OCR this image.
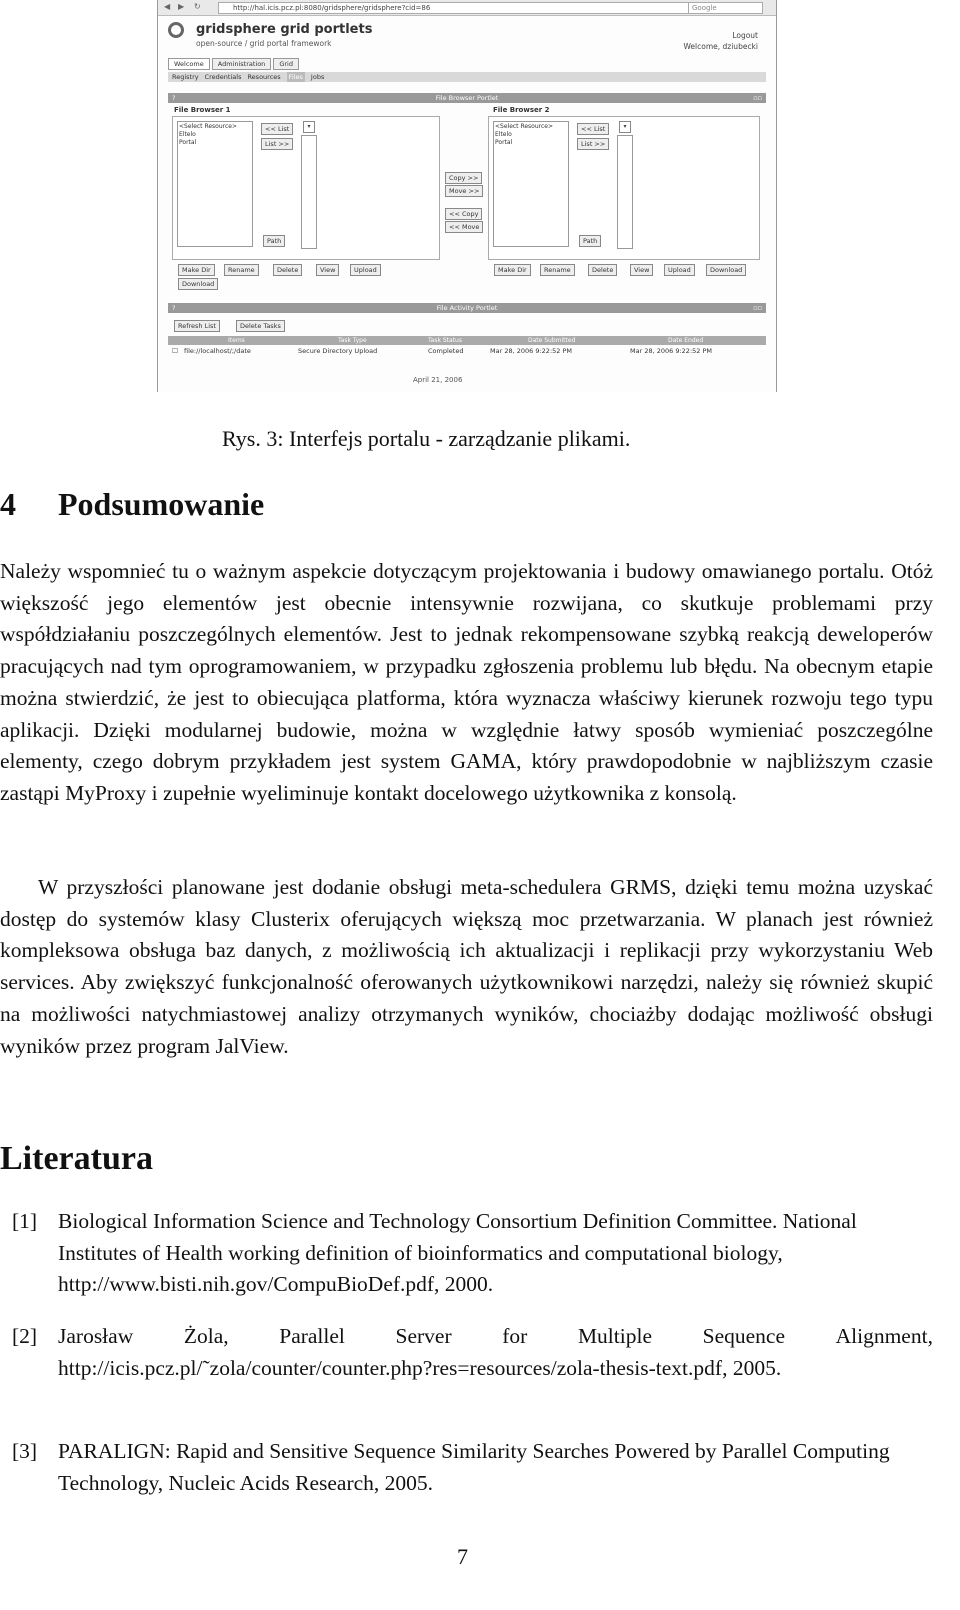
◀ ▶ ↻	http://hal.icis.pcz.pl:8080/gridsphere/gridsphere?cid=86	Google
gridsphere grid portlets
open-source / grid portal framework
Logout
Welcome, dziubecki
Welcome	Administration	Grid
Registry Credentials Resources	Files	Jobs
?	File Browser Portlet	▫▫
File Browser 1
<Select Resource>
Eltelo
Portal
<< List	▾
List >>
Path
Make Dir	Rename	Delete	View	Upload
Download
Copy >>
Move >>
<< Copy
<< Move
File Browser 2
<Select Resource>
Eltelo
Portal
<< List	▾
List >>
Path
Make Dir	Rename	Delete	View	Upload	Download
?	File Activity Portlet	▫▫
Refresh List	Delete Tasks
Items	Task Type	Task Status	Date Submitted	Date Ended
☐ file://localhost/;/date	Secure Directory Upload	Completed	Mar 28, 2006 9:22:52 PM	Mar 28, 2006 9:22:52 PM
April 21, 2006
Rys. 3: Interfejs portalu - zarządzanie plikami.
4 Podsumowanie
Należy wspomnieć tu o ważnym aspekcie dotyczącym projektowania i budowy omawianego portalu. Otóż większość jego elementów jest obecnie intensywnie rozwijana, co skutkuje problemami przy współdziałaniu poszczególnych elementów. Jest to jednak rekompensowane szybką reakcją deweloperów pracujących nad tym oprogramowaniem, w przypadku zgłoszenia problemu lub błędu. Na obecnym etapie można stwierdzić, że jest to obiecująca platforma, która wyznacza właściwy kierunek rozwoju tego typu aplikacji. Dzięki modularnej budowie, można w względnie łatwy sposób wymieniać poszczególne elementy, czego dobrym przykładem jest system GAMA, który prawdopodobnie w najbliższym czasie zastąpi MyProxy i zupełnie wyeliminuje kontakt docelowego użytkownika z konsolą.
W przyszłości planowane jest dodanie obsługi meta-schedulera GRMS, dzięki temu można uzyskać dostęp do systemów klasy Clusterix oferujących większą moc przetwarzania. W planach jest również kompleksowa obsługa baz danych, z możliwością ich aktualizacji i replikacji przy wykorzystaniu Web services. Aby zwiększyć funkcjonalność oferowanych użytkownikowi narzędzi, należy się również skupić na możliwości natychmiastowej analizy otrzymanych wyników, chociażby dodając możliwość obsługi wyników przez program JalView.
Literatura
[1] Biological Information Science and Technology Consortium Definition Committee. National Institutes of Health working definition of bioinformatics and computational biology, http://www.bisti.nih.gov/CompuBioDef.pdf, 2000.
[2] Jarosław Żola, Parallel Server for Multiple Sequence Alignment,
http://icis.pcz.pl/˜zola/counter/counter.php?res=resources/zola-thesis-text.pdf, 2005.
[3] PARALIGN: Rapid and Sensitive Sequence Similarity Searches Powered by Parallel Computing Technology, Nucleic Acids Research, 2005.
7
